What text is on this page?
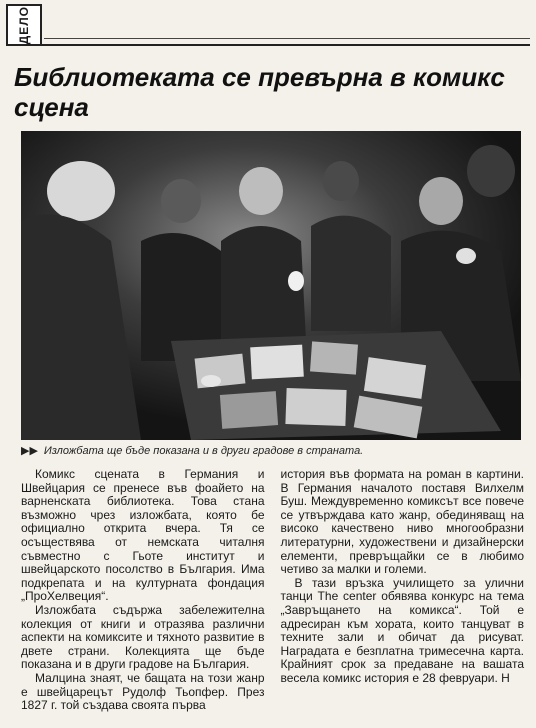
ДЕЛО
Библиотеката се превърна в комикс сцена
▶▶ Изложбата ще бъде показана и в други градове в страната.

Комикс сцената в Германия и Швейцария се пренесе във фоайето на варненската библиотека. Това стана възможно чрез изложбата, която бе официално открита вчера. Тя се осъществява от немската читалня съвместно с Гьоте институт и швейцарското посолство в България. Има подкрепата и на културната фондация „ПроХелвеция“.

Изложбата съдържа забележителна колекция от книги и отразява различни аспекти на комиксите и тяхното развитие в двете страни. Колекцията ще бъде показана и в други градове на България.

Малцина знаят, че бащата на този жанр е швейцарецът Рудолф Тьопфер. През 1827 г. той създава своята първа

история във формата на роман в картини. В Германия началото поставя Вилхелм Буш. Междувременно комиксът все повече се утвърждава като жанр, обединяващ на високо качествено ниво многообразни литературни, художествени и дизайнерски елементи, превръщайки се в любимо четиво за малки и големи.

В тази връзка училището за улични танци The center обявява конкурс на тема „Завръщането на комикса“. Той е адресиран към хората, които танцуват в техните зали и обичат да рисуват. Наградата е безплатна тримесечна карта. Крайният срок за предаване на вашата весела комикс история е 28 февруари. Н
